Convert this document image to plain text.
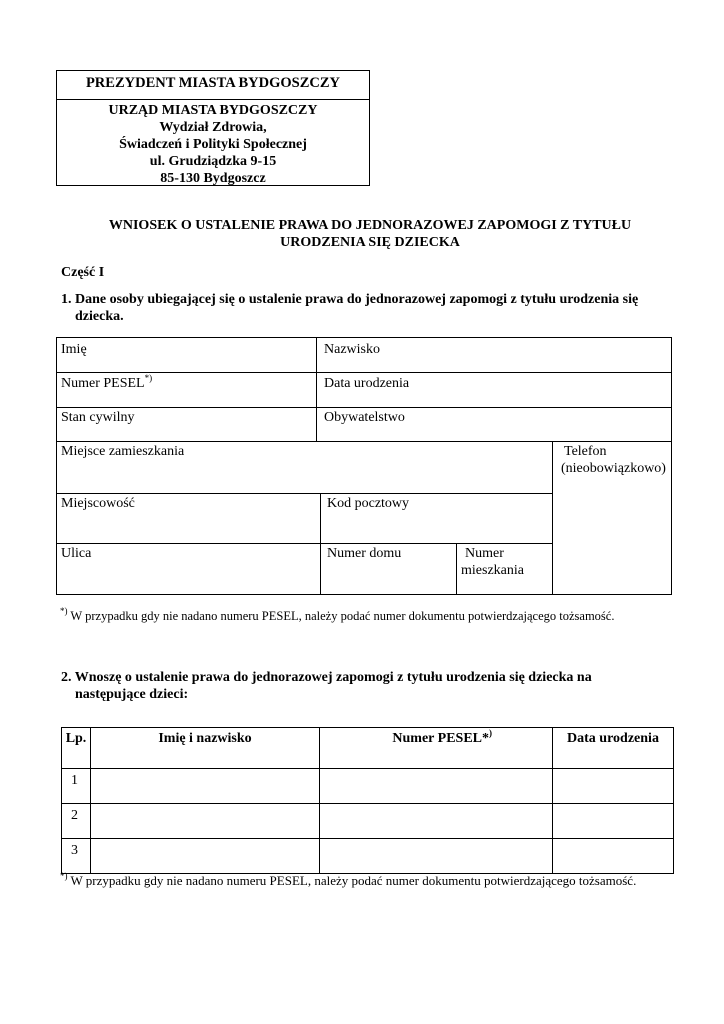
PREZYDENT MIASTA BYDGOSZCZY
URZĄD MIASTA BYDGOSZCZY
Wydział Zdrowia,
Świadczeń i Polityki Społecznej
ul. Grudziądzka 9-15
85-130 Bydgoszcz
WNIOSEK O USTALENIE PRAWA DO JEDNORAZOWEJ ZAPOMOGI Z TYTUŁU
URODZENIA SIĘ DZIECKA
Część I
1. Dane osoby ubiegającej się o ustalenie prawa do jednorazowej zapomogi z tytułu urodzenia się
dziecka.
Imię	Nazwisko
Numer PESEL*)	Data urodzenia
Stan cywilny	Obywatelstwo
Miejsce zamieszkania	Telefon
(nieobowiązkowo)
Miejscowość	Kod pocztowy
Ulica	Numer domu	Numer
mieszkania
*) W przypadku gdy nie nadano numeru PESEL, należy podać numer dokumentu potwierdzającego tożsamość.
2. Wnoszę o ustalenie prawa do jednorazowej zapomogi z tytułu urodzenia się dziecka na
następujące dzieci:
Lp.	Imię i nazwisko	Numer PESEL*)	Data urodzenia
1			
2			
3			
*) W przypadku gdy nie nadano numeru PESEL, należy podać numer dokumentu potwierdzającego tożsamość.
